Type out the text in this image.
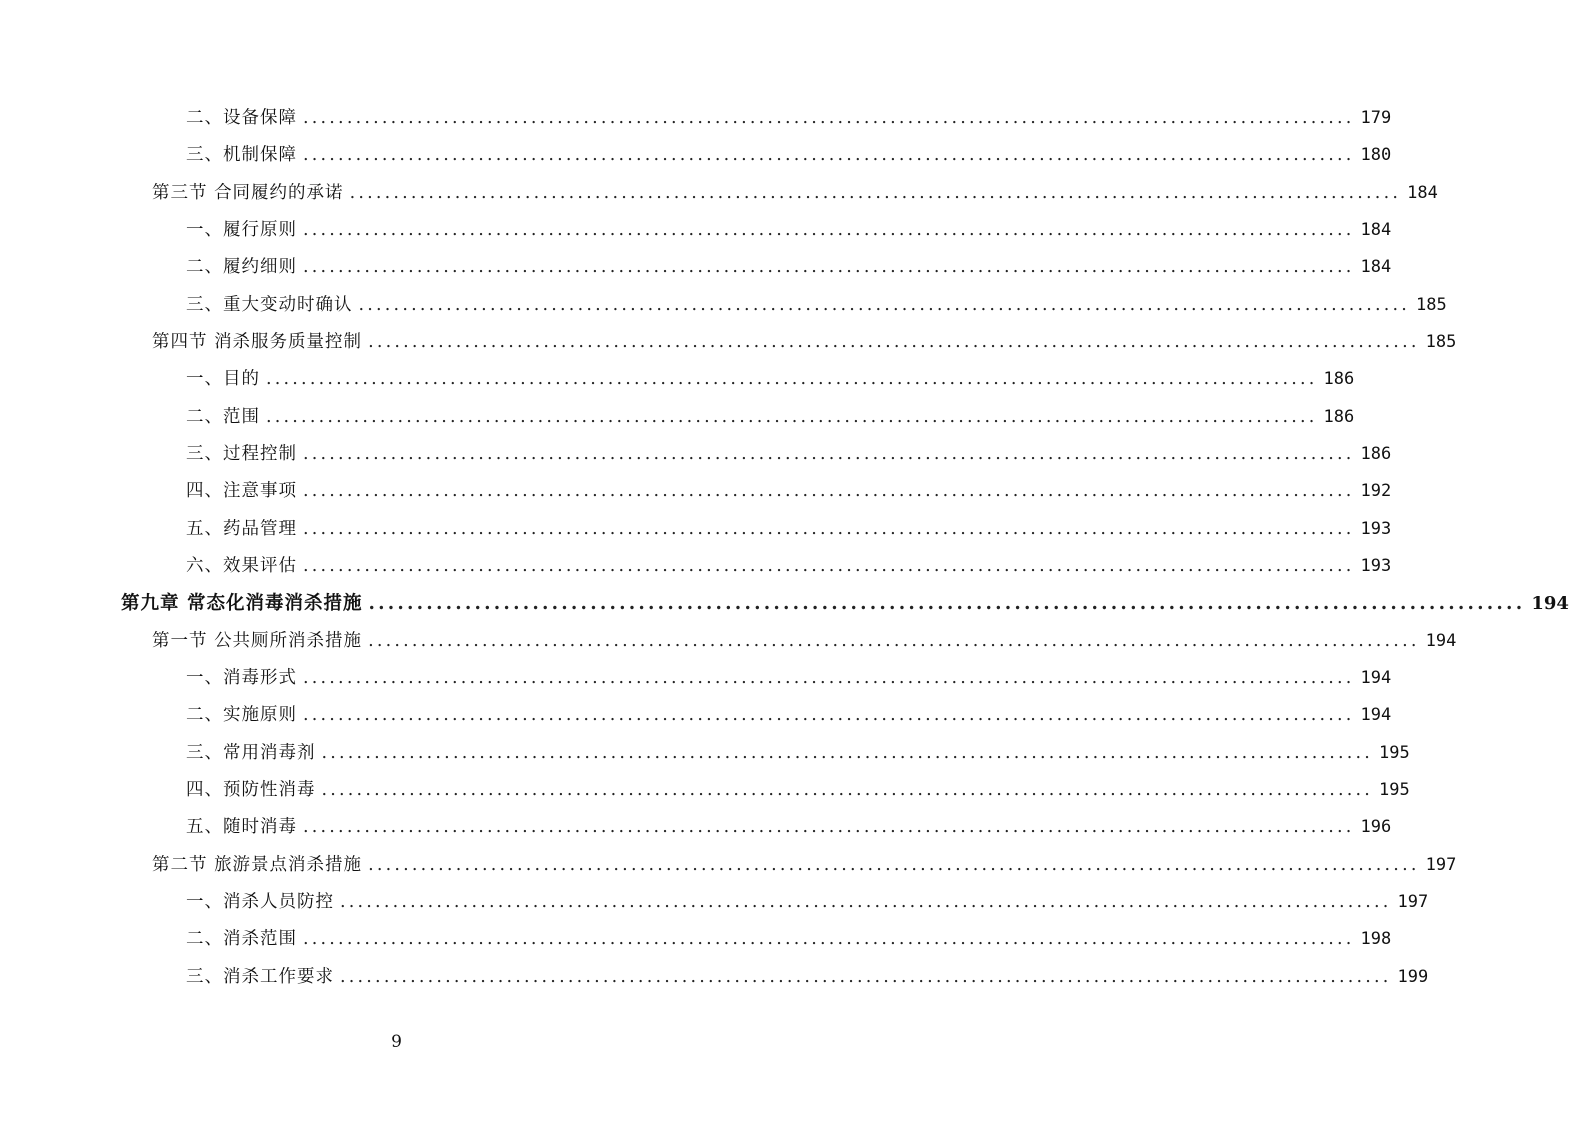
二、设备保障 ........................................................................................................................ 179
三、机制保障 ........................................................................................................................ 180
第三节 合同履约的承诺 ........................................................................................................................ 184
一、履行原则 ........................................................................................................................ 184
二、履约细则 ........................................................................................................................ 184
三、重大变动时确认 ........................................................................................................................ 185
第四节 消杀服务质量控制 ........................................................................................................................ 185
一、目的 ........................................................................................................................ 186
二、范围 ........................................................................................................................ 186
三、过程控制 ........................................................................................................................ 186
四、注意事项 ........................................................................................................................ 192
五、药品管理 ........................................................................................................................ 193
六、效果评估 ........................................................................................................................ 193
第九章 常态化消毒消杀措施 ........................................................................................................................ 194
第一节 公共厕所消杀措施 ........................................................................................................................ 194
一、消毒形式 ........................................................................................................................ 194
二、实施原则 ........................................................................................................................ 194
三、常用消毒剂 ........................................................................................................................ 195
四、预防性消毒 ........................................................................................................................ 195
五、随时消毒 ........................................................................................................................ 196
第二节 旅游景点消杀措施 ........................................................................................................................ 197
一、消杀人员防控 ........................................................................................................................ 197
二、消杀范围 ........................................................................................................................ 198
三、消杀工作要求 ........................................................................................................................ 199
9
